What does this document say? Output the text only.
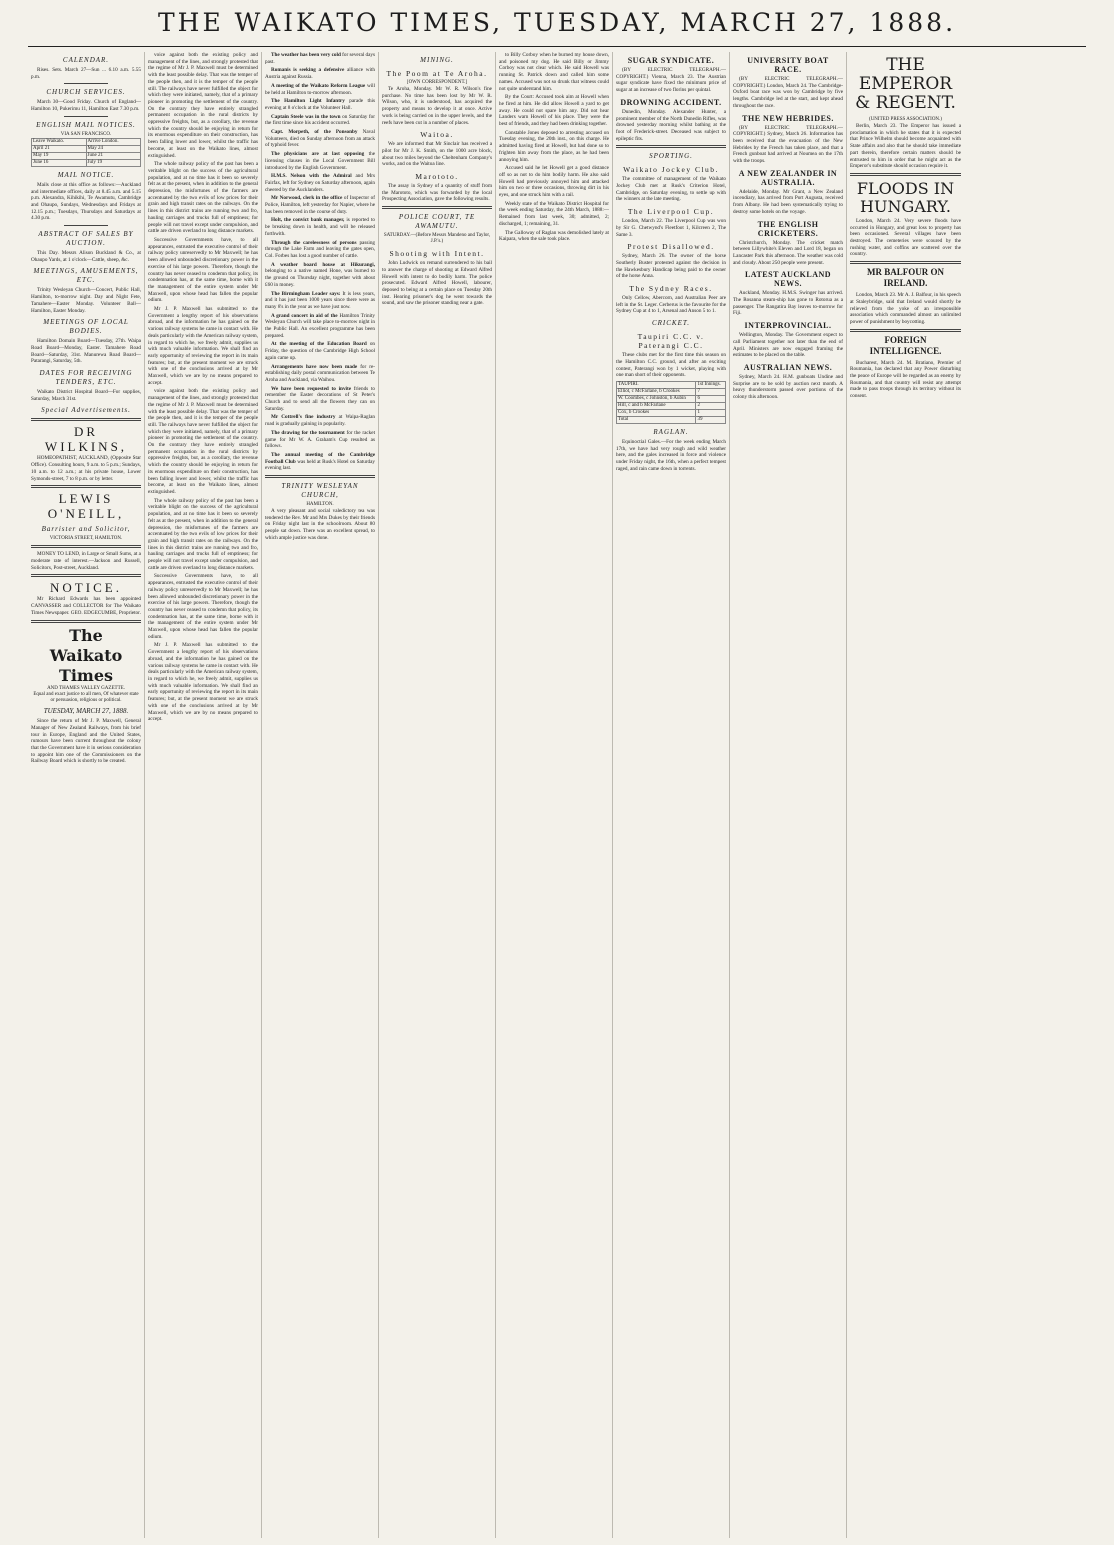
THE WAIKATO TIMES, TUESDAY, MARCH 27, 1888.
CALENDAR.
Rises. Sets. March 27—Sun ... 6.10 a.m. 5.55 p.m.
CHURCH SERVICES.
March 30—Good Friday. Church of England—Hamilton 10, Pukerimu 11, Hamilton East 7.30 p.m.
ENGLISH MAIL NOTICES.
VIA SAN FRANCISCO.
Leave Waikato.	Arrive London.
April 21	May 24
May 19	June 21
June 16	July 19
MAIL NOTICE.
Mails close at this office as follows:—Auckland and intermediate offices, daily at 8.45 a.m. and 5.15 p.m. Alexandra, Kihikihi, Te Awamutu, Cambridge and Ohaupo, Sundays, Wednesdays and Fridays at 12.15 p.m.; Tuesdays, Thursdays and Saturdays at 4.30 p.m.
ABSTRACT OF SALES BY AUCTION.
This Day. Messrs Alison Buckland & Co., at Ohaupo Yards, at 1 o'clock—Cattle, sheep, &c.
MEETINGS, AMUSEMENTS, ETC.
Trinity Wesleyan Church—Concert, Public Hall, Hamilton, to-morrow night. Day and Night Fete, Tamahere—Easter Monday. Volunteer Ball—Hamilton, Easter Monday.
MEETINGS OF LOCAL BODIES.
Hamilton Domain Board—Tuesday, 27th. Waipa Road Board—Monday, Easter. Tamahere Road Board—Saturday, 31st. Manurewa Road Board—Patarangi, Saturday, 5th.
DATES FOR RECEIVING TENDERS, ETC.
Waikato District Hospital Board—For supplies, Saturday, March 31st.
Special Advertisements.
DR WILKINS,
HOMEOPATHIST, AUCKLAND, (Opposite Star Office). Consulting hours, 9 a.m. to 5 p.m.; Sundays, 10 a.m. to 12 a.m.; at his private house, Lower Symonds-street, 7 to 8 p.m. or by letter.
LEWIS O'NEILL,
Barrister and Solicitor,
VICTORIA STREET, HAMILTON.
MONEY TO LEND, in Large or Small Sums, at a moderate rate of interest.—Jackson and Russell, Solicitors, Post-street, Auckland.
NOTICE.
Mr Richard Edwards has been appointed CANVASSER and COLLECTOR for The Waikato Times Newspaper. GEO. EDGECUMBE, Proprietor.
The Waikato Times
AND THAMES VALLEY GAZETTE.
Equal and exact justice to all men, Of whatever state or persuasion, religious or political.
TUESDAY, MARCH 27, 1888.
Since the return of Mr J. P. Maxwell, General Manager of New Zealand Railways, from his brief tour in Europe, England and the United States, rumours have been current throughout the colony that the Government have it in serious consideration to appoint him one of the Commissioners on the Railway Board which is shortly to be created.
voice against both the existing policy and management of the lines, and strongly protested that the regime of Mr J. P. Maxwell must be determined with the least possible delay. That was the temper of the people then, and it is the temper of the people still. The railways have never fulfilled the object for which they were initiated, namely, that of a primary pioneer in promoting the settlement of the country. On the contrary they have entirely strangled permanent occupation in the rural districts by oppressive freights, but, as a corollary, the revenue which the country should be enjoying in return for its enormous expenditure on their construction, has been falling lower and lower, whilst the traffic has become, at least on the Waikato lines, almost extinguished.
The whole railway policy of the past has been a veritable blight on the success of the agricultural population, and at no time has it been so severely felt as at the present, when in addition to the general depression, the misfortunes of the farmers are accentuated by the two evils of low prices for their grain and high transit rates on the railways. On the lines in this district trains are running two and fro, hauling carriages and trucks full of emptiness; for people will not travel except under compulsion, and cattle are driven overland to long distance markets.
Successive Governments have, to all appearances, entrusted the executive control of their railway policy unreservedly to Mr Maxwell; he has been allowed unbounded discretionary power in the exercise of his large powers. Therefore, though the country has never ceased to condemn that policy, its condemnation has, at the same time, borne with it the management of the entire system under Mr Maxwell, upon whose head has fallen the popular odium.
Mr J. P. Maxwell has submitted to the Government a lengthy report of his observations abroad, and the information he has gained on the various railway systems he came in contact with. He deals particularly with the American railway system, in regard to which he, we freely admit, supplies us with much valuable information. We shall find an early opportunity of reviewing the report in its main features; but, at the present moment we are struck with one of the conclusions arrived at by Mr Maxwell, which we are by no means prepared to accept.
voice against both the existing policy and management of the lines, and strongly protested that the regime of Mr J. P. Maxwell must be determined with the least possible delay. That was the temper of the people then, and it is the temper of the people still. The railways have never fulfilled the object for which they were initiated, namely, that of a primary pioneer in promoting the settlement of the country. On the contrary they have entirely strangled permanent occupation in the rural districts by oppressive freights, but, as a corollary, the revenue which the country should be enjoying in return for its enormous expenditure on their construction, has been falling lower and lower, whilst the traffic has become, at least on the Waikato lines, almost extinguished.
The whole railway policy of the past has been a veritable blight on the success of the agricultural population, and at no time has it been so severely felt as at the present, when in addition to the general depression, the misfortunes of the farmers are accentuated by the two evils of low prices for their grain and high transit rates on the railways. On the lines in this district trains are running two and fro, hauling carriages and trucks full of emptiness; for people will not travel except under compulsion, and cattle are driven overland to long distance markets.
Successive Governments have, to all appearances, entrusted the executive control of their railway policy unreservedly to Mr Maxwell; he has been allowed unbounded discretionary power in the exercise of his large powers. Therefore, though the country has never ceased to condemn that policy, its condemnation has, at the same time, borne with it the management of the entire system under Mr Maxwell, upon whose head has fallen the popular odium.
Mr J. P. Maxwell has submitted to the Government a lengthy report of his observations abroad, and the information he has gained on the various railway systems he came in contact with. He deals particularly with the American railway system, in regard to which he, we freely admit, supplies us with much valuable information. We shall find an early opportunity of reviewing the report in its main features; but, at the present moment we are struck with one of the conclusions arrived at by Mr Maxwell, which we are by no means prepared to accept.
The weather has been very cold for several days past.
Romanis is seeking a defensive alliance with Austria against Russia.
A meeting of the Waikato Reform League will be held at Hamilton to-morrow afternoon.
The Hamilton Light Infantry parade this evening at 8 o'clock at the Volunteer Hall.
Captain Steele was in the town on Saturday for the first time since his accident occurred.
Capt. Morpeth, of the Ponsonby Naval Volunteers, died on Sunday afternoon from an attack of typhoid fever.
The physicians are at last opposing the licensing clauses in the Local Government Bill introduced by the English Government.
H.M.S. Nelson with the Admiral and Mrs Fairfax, left for Sydney on Saturday afternoon, again cheered by the Aucklanders.
Mr Norwood, clerk in the office of Inspector of Police, Hamilton, left yesterday for Napier, where he has been removed in the course of duty.
Holt, the convict bank manager, is reported to be breaking down in health, and will be released forthwith.
Through the carelessness of persons passing through the Lake Farm and leaving the gates open, Col. Forbes has lost a good number of cattle.
A weather board house at Hikurangi, belonging to a native named Hone, was burned to the ground on Thursday night, together with about £60 in money.
The Birmingham Leader says: It is less years, and it has just been 1000 years since there were as many 8's in the year as we have just now.
A grand concert in aid of the Hamilton Trinity Wesleyan Church will take place to-morrow night in the Public Hall. An excellent programme has been prepared.
At the meeting of the Education Board on Friday, the question of the Cambridge High School again came up.
Arrangements have now been made for re-establishing daily postal communication between Te Aroha and Auckland, via Waihou.
We have been requested to invite friends to remember the Easter decorations of St Peter's Church and to send all the flowers they can on Saturday.
Mr Cottrell's fine industry at Waipa-Raglan road is gradually gaining in popularity.
The drawing for the tournament for the racket game for Mr W. A. Graham's Cup resulted as follows.
The annual meeting of the Cambridge Football Club was held at Rusk's Hotel on Saturday evening last.
TRINITY WESLEYAN CHURCH,
HAMILTON.
A very pleasant and social valedictory tea was tendered the Rev. Mr and Mrs Dukes by their friends on Friday night last in the schoolroom. About 80 people sat down. There was an excellent spread, to which ample justice was done.
MINING.
The Poom at Te Aroha.
[OWN CORRESPONDENT.]
Te Aroha, Monday. Mr W. R. Wilson's fine purchase. No time has been lost by Mr W. R. Wilson, who, it is understood, has acquired the property and means to develop it at once. Active work is being carried on in the upper levels, and the reefs have been cut in a number of places.
Waitoa.
We are informed that Mr Sinclair has received a pilot for Mr J. K. Smith, on the 1000 acre block, about two miles beyond the Cheltenham Company's works, and on the Waitoa line.
Marototo.
The assay in Sydney of a quantity of stuff from the Marototo, which was forwarded by the local Prospecting Association, gave the following results.
POLICE COURT, TE AWAMUTU.
SATURDAY.—(Before Messrs Mandeno and Taylor, J.P.'s.)
Shooting with Intent.
John Ludwick on remand surrendered to his bail to answer the charge of shooting at Edward Alfred Howell with intent to do bodily harm. The police prosecuted. Edward Alfred Howell, labourer, deposed to being at a certain place on Tuesday 20th inst. Hearing prisoner's dog he went towards the sound, and saw the prisoner standing near a gate.
to Billy Corboy when he burned my house down, and poisoned my dog. He said Billy or Jimmy Corboy was not clear which. He said Howell was running St. Patrick down and called him some names. Accused was not so drunk that witness could not quite understand him.
By the Court: Accused took aim at Howell when he fired at him. He did allow Howell a yard to get away. He could not spare him any. Did not hear Landers warn Howell of his place. They were the best of friends, and they had been drinking together.
Constable Jones deposed to arresting accused on Tuesday evening, the 20th inst., on this charge. He admitted having fired at Howell, but had done so to frighten him away from the place, as he had been annoying him.
Accused said he let Howell get a good distance off so as not to do him bodily harm. He also said Howell had previously annoyed him and attacked him on two or three occasions, throwing dirt in his eyes, and one struck him with a rail.
Weekly state of the Waikato District Hospital for the week ending Saturday, the 24th March, 1888:—Remained from last week, 30; admitted, 2; discharged, 1; remaining, 31.
The Galloway of Raglan was demolished lately at Kaipara, when the sale took place.
SUGAR SYNDICATE.
(BY ELECTRIC TELEGRAPH.—COPYRIGHT.) Vienna, March 23. The Austrian sugar syndicate have fixed the minimum price of sugar at an increase of two florins per quintal.
DROWNING ACCIDENT.
Dunedin, Monday. Alexander Hunter, a prominent member of the North Dunedin Rifles, was drowned yesterday morning whilst bathing at the foot of Frederick-street. Deceased was subject to epileptic fits.
SPORTING.
Waikato Jockey Club.
The committee of management of the Waikato Jockey Club met at Rusk's Criterion Hotel, Cambridge, on Saturday evening, to settle up with the winners at the late meeting.
The Liverpool Cup.
London, March 22. The Liverpool Cup was won by Sir G. Chetwynd's Fleetfoot 1, Kilcreen 2, The Same 3.
Protest Disallowed.
Sydney, March 26. The owner of the horse Southerly Buster protested against the decision in the Hawkesbury Handicap being paid to the owner of the horse Anna.
The Sydney Races.
Only Cellow, Abercorn, and Australian Peer are left in the St. Leger. Cerberus is the favourite for the Sydney Cup at 4 to 1, Arsenal and Anson 5 to 1.
CRICKET.
Taupiri C.C. v. Paterangi C.C.
These clubs met for the first time this season on the Hamilton C.C. ground, and after an exciting contest, Paterangi won by 1 wicket, playing with one man short of their opponents.
TAUPIRI.	1st Innings.
Elliot, c McFarlane, b Crookes	7
W. Coombes, c Johnston, b Aubin	6
Hill, c and b McFarlane	2
Cox, b Crookes	1
Total	39
RAGLAN.
Equinoctial Gales.—For the week ending March 17th, we have had very rough and wild weather here, and the gales increased in force and violence under Friday night, the 16th, when a perfect tempest raged, and rain came down in torrents.
UNIVERSITY BOAT RACE.
(BY ELECTRIC TELEGRAPH.—COPYRIGHT.) London, March 24. The Cambridge-Oxford boat race was won by Cambridge by five lengths. Cambridge led at the start, and kept ahead throughout the race.
THE NEW HEBRIDES.
(BY ELECTRIC TELEGRAPH.—COPYRIGHT.) Sydney, March 26. Information has been received that the evacuation of the New Hebrides by the French has taken place, and that a French gunboat had arrived at Noumea on the 17th with the troops.
A NEW ZEALANDER IN AUSTRALIA.
Adelaide, Monday. Mr Grant, a New Zealand incendiary, has arrived from Port Augusta, received from Albany. He had been systematically trying to destroy some hotels on the voyage.
THE ENGLISH CRICKETERS.
Christchurch, Monday. The cricket match between Lillywhite's Eleven and Lord 18, began on Lancaster Park this afternoon. The weather was cold and cloudy. About 250 people were present.
LATEST AUCKLAND NEWS.
Auckland, Monday. H.M.S. Swinger has arrived. The Rosanna steam-ship has gone to Rotorua as a passenger. The Rangatira Bay leaves to-morrow for Fiji.
INTERPROVINCIAL.
Wellington, Monday. The Government expect to call Parliament together not later than the end of April. Ministers are now engaged framing the estimates to be placed on the table.
AUSTRALIAN NEWS.
Sydney, March 24. H.M. gunboats Undine and Surprise are to be sold by auction next month. A heavy thunderstorm passed over portions of the colony this afternoon.
THE EMPEROR & REGENT.
(UNITED PRESS ASSOCIATION.)
Berlin, March 23. The Emperor has issued a proclamation in which he states that it is expected that Prince Wilhelm should become acquainted with State affairs and also that he should take immediate part therein, therefore certain matters should be entrusted to him in order that he might act as the Emperor's substitute should occasion require it.
FLOODS IN HUNGARY.
London, March 24. Very severe floods have occurred in Hungary, and great loss to property has been occasioned. Several villages have been destroyed. The cemeteries were scoured by the rushing water, and coffins are scattered over the country.
MR BALFOUR ON IRELAND.
London, March 23. Mr A. J. Balfour, in his speech at Staleybridge, said that Ireland would shortly be relieved from the yoke of an irresponsible association which commanded almost an unlimited power of punishment by boycotting.
FOREIGN INTELLIGENCE.
Bucharest, March 24. M. Bratiano, Premier of Roumania, has declared that any Power disturbing the peace of Europe will be regarded as an enemy by Roumania, and that country will resist any attempt made to pass troops through its territory without its consent.
